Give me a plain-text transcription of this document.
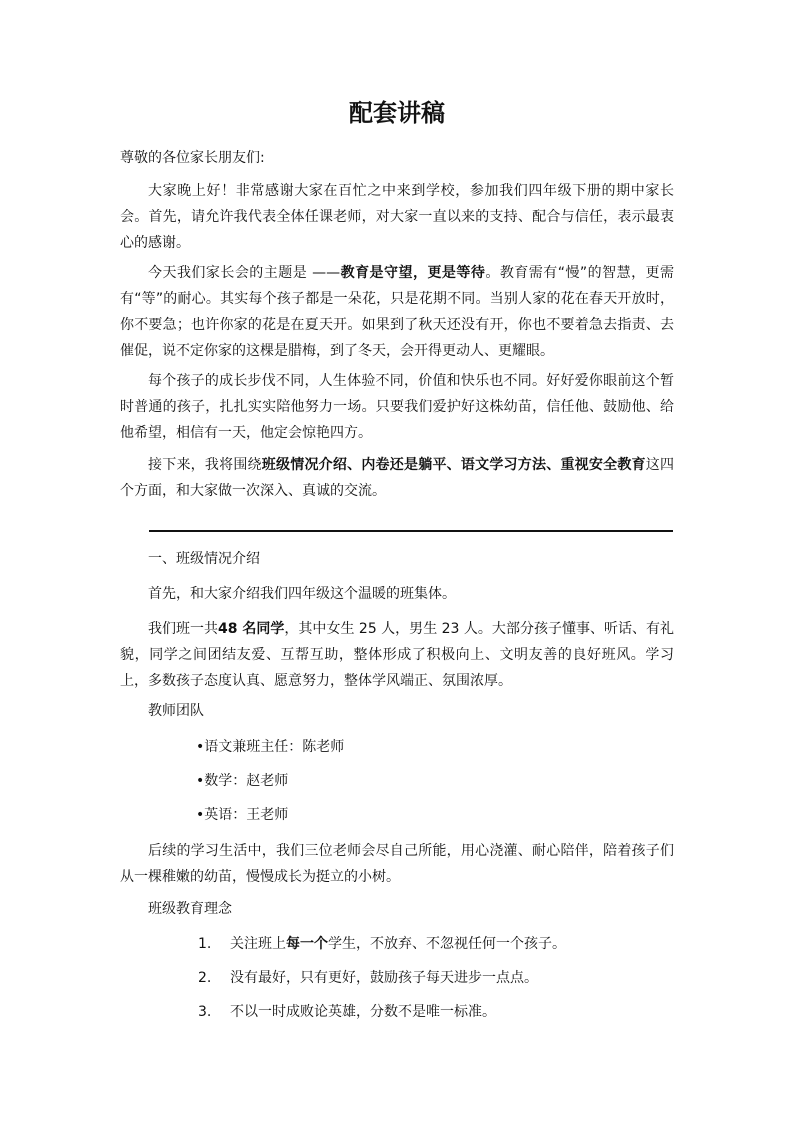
配套讲稿
尊敬的各位家长朋友们:
大家晚上好！非常感谢大家在百忙之中来到学校，参加我们四年级下册的期中家长会。首先，请允许我代表全体任课老师，对大家一直以来的支持、配合与信任，表示最衷心的感谢。
今天我们家长会的主题是 ——教育是守望，更是等待。教育需有“慢”的智慧，更需有“等”的耐心。其实每个孩子都是一朵花，只是花期不同。当别人家的花在春天开放时，你不要急；也许你家的花是在夏天开。如果到了秋天还没有开，你也不要着急去指责、去催促，说不定你家的这棵是腊梅，到了冬天，会开得更动人、更耀眼。
每个孩子的成长步伐不同，人生体验不同，价值和快乐也不同。好好爱你眼前这个暂时普通的孩子，扎扎实实陪他努力一场。只要我们爱护好这株幼苗，信任他、鼓励他、给他希望，相信有一天，他定会惊艳四方。
接下来，我将围绕班级情况介绍、内卷还是躺平、语文学习方法、重视安全教育这四个方面，和大家做一次深入、真诚的交流。
一、班级情况介绍
首先，和大家介绍我们四年级这个温暖的班集体。
我们班一共48 名同学，其中女生 25 人，男生 23 人。大部分孩子懂事、听话、有礼貌，同学之间团结友爱、互帮互助，整体形成了积极向上、文明友善的良好班风。学习上，多数孩子态度认真、愿意努力，整体学风端正、氛围浓厚。
教师团队
•语文兼班主任：陈老师
•数学：赵老师
•英语：王老师
后续的学习生活中，我们三位老师会尽自己所能，用心浇灌、耐心陪伴，陪着孩子们从一棵稚嫩的幼苗，慢慢成长为挺立的小树。
班级教育理念
1. 关注班上每一个学生，不放弃、不忽视任何一个孩子。
2. 没有最好，只有更好，鼓励孩子每天进步一点点。
3. 不以一时成败论英雄，分数不是唯一标准。
